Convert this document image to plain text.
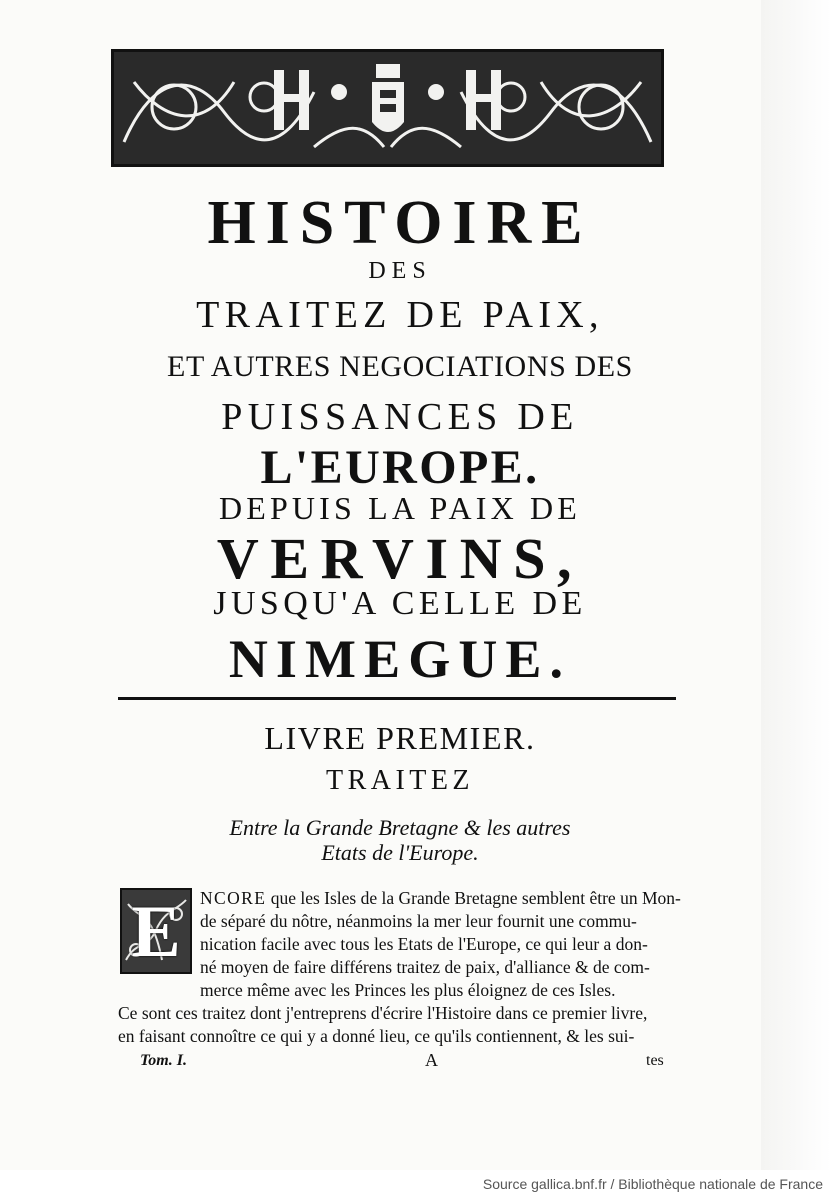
HISTOIRE
DES
TRAITEZ DE PAIX,
ET AUTRES NEGOCIATIONS DES
PUISSANCES DE
L'EUROPE.
DEPUIS LA PAIX DE
VERVINS,
JUSQU'A CELLE DE
NIMEGUE.
LIVRE PREMIER.
TRAITEZ
Entre la Grande Bretagne & les autres
Etats de l'Europe.
E	NCORE que les Isles de la Grande Bretagne semblent être un Mon-
de séparé du nôtre, néanmoins la mer leur fournit une commu-
nication facile avec tous les Etats de l'Europe, ce qui leur a don-
né moyen de faire différens traitez de paix, d'alliance & de com-
merce même avec les Princes les plus éloignez de ces Isles.
Ce sont ces traitez dont j'entreprens d'écrire l'Histoire dans ce premier livre,
en faisant connoître ce qui y a donné lieu, ce qu'ils contiennent, & les sui-
Tom. I.	A	tes
Source gallica.bnf.fr / Bibliothèque nationale de France
